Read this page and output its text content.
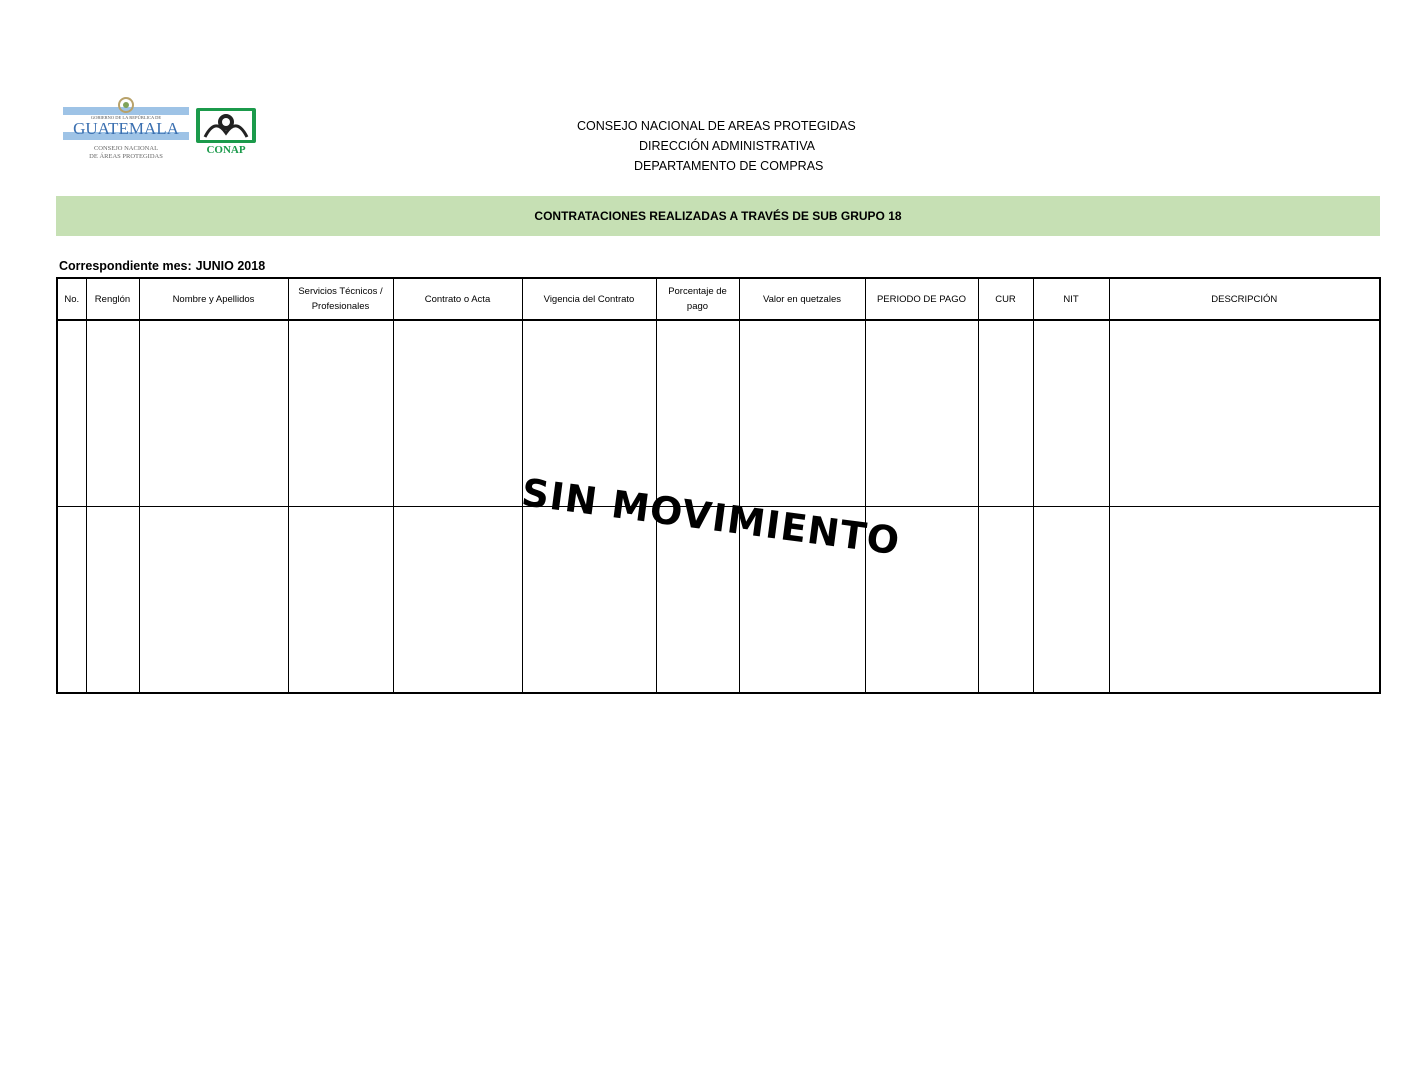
GOBIERNO DE LA REPÚBLICA DE
GUATEMALA
CONSEJO NACIONAL
DE ÁREAS PROTEGIDAS
CONAP
CONSEJO NACIONAL DE AREAS PROTEGIDAS
DIRECCIÓN ADMINISTRATIVA
DEPARTAMENTO DE COMPRAS
CONTRATACIONES REALIZADAS A TRAVÉS DE SUB GRUPO 18
Correspondiente mes: JUNIO 2018
No.	Renglón	Nombre y Apellidos	Servicios Técnicos / Profesionales	Contrato o Acta	Vigencia del Contrato	Porcentaje de pago	Valor en quetzales	PERIODO DE PAGO	CUR	NIT	DESCRIPCIÓN

SIN MOVIMIENTO
